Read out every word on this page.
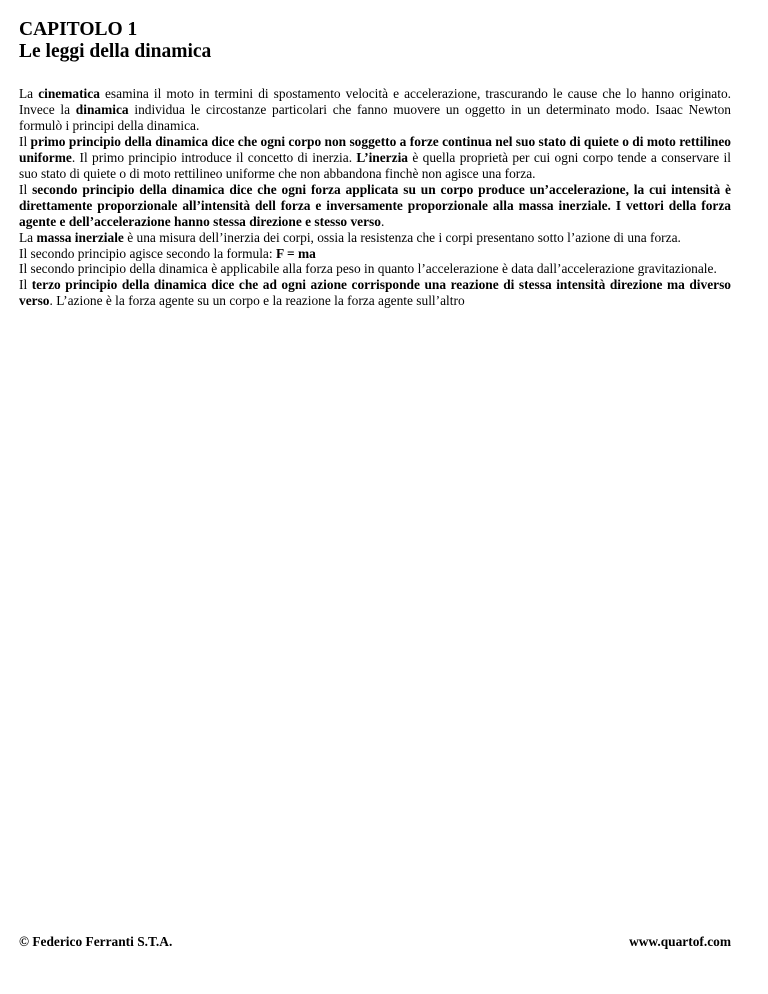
CAPITOLO 1
Le leggi della dinamica

La cinematica esamina il moto in termini di spostamento velocità e accelerazione, trascurando le cause che lo hanno originato. Invece la dinamica individua le circostanze particolari che fanno muovere un oggetto in un determinato modo. Isaac Newton formulò i principi della dinamica.

Il primo principio della dinamica dice che ogni corpo non soggetto a forze continua nel suo stato di quiete o di moto rettilineo uniforme. Il primo principio introduce il concetto di inerzia. L’inerzia è quella proprietà per cui ogni corpo tende a conservare il suo stato di quiete o di moto rettilineo uniforme che non abbandona finchè non agisce una forza.

Il secondo principio della dinamica dice che ogni forza applicata su un corpo produce un’accelerazione, la cui intensità è direttamente proporzionale all’intensità dell forza e inversamente proporzionale alla massa inerziale. I vettori della forza agente e dell’accelerazione hanno stessa direzione e stesso verso.

La massa inerziale è una misura dell’inerzia dei corpi, ossia la resistenza che i corpi presentano sotto l’azione di una forza.

Il secondo principio agisce secondo la formula: F = ma

Il secondo principio della dinamica è applicabile alla forza peso in quanto l’accelerazione è data dall’accelerazione gravitazionale.

Il terzo principio della dinamica dice che ad ogni azione corrisponde una reazione di stessa intensità direzione ma diverso verso. L’azione è la forza agente su un corpo e la reazione la forza agente sull’altro

© Federico Ferranti S.T.A.	www.quartof.com
